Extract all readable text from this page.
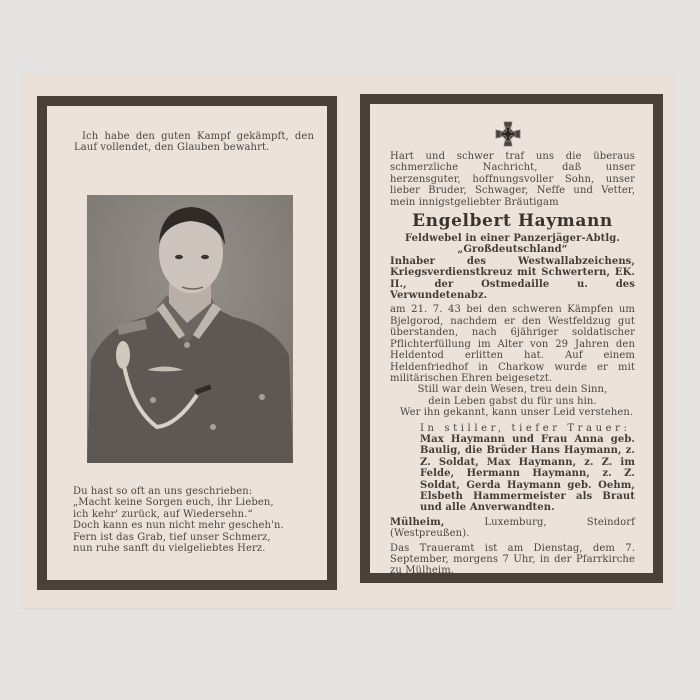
Ich habe den guten Kampf gekämpft, den Lauf vollendet, den Glauben bewahrt.

Du hast so oft an uns geschrieben:

„Macht keine Sorgen euch, ihr Lieben,

ich kehr' zurück, auf Wiedersehn.“

Doch kann es nun nicht mehr gescheh'n.

Fern ist das Grab, tief unser Schmerz,

nun ruhe sanft du vielgeliebtes Herz.

Hart und schwer traf uns die überaus schmerzliche Nachricht, daß unser herzensguter, hoffnungsvoller Sohn, unser lieber Bruder, Schwager, Neffe und Vetter, mein innigstgeliebter Bräutigam

Engelbert Haymann

Feldwebel in einer Panzerjäger-Abtlg.

„Großdeutschland“

Inhaber des Westwallabzeichens, Kriegsverdienstkreuz mit Schwertern, EK. II., der Ostmedaille u. des Verwundetenabz.

am 21. 7. 43 bei den schweren Kämpfen um Bjelgorod, nachdem er den Westfeldzug gut überstanden, nach 6jähriger soldatischer Pflichterfüllung im Alter von 29 Jahren den Heldentod erlitten hat. Auf einem Heldenfriedhof in Charkow wurde er mit militärischen Ehren beigesetzt.

Still war dein Wesen, treu dein Sinn,

dein Leben gabst du für uns hin.

Wer ihn gekannt, kann unser Leid verstehen.

In stiller, tiefer Trauer:

Max Haymann und Frau Anna geb. Baulig, die Brüder Hans Haymann, z. Z. Soldat, Max Haymann, z. Z. im Felde, Hermann Haymann, z. Z. Soldat, Gerda Haymann geb. Oehm, Elsbeth Hammermeister als Braut und alle Anverwandten.

Mülheim, Luxemburg, Steindorf (Westpreußen).

Das Traueramt ist am Dienstag, dem 7. September, morgens 7 Uhr, in der Pfarrkirche zu Mülheim.
